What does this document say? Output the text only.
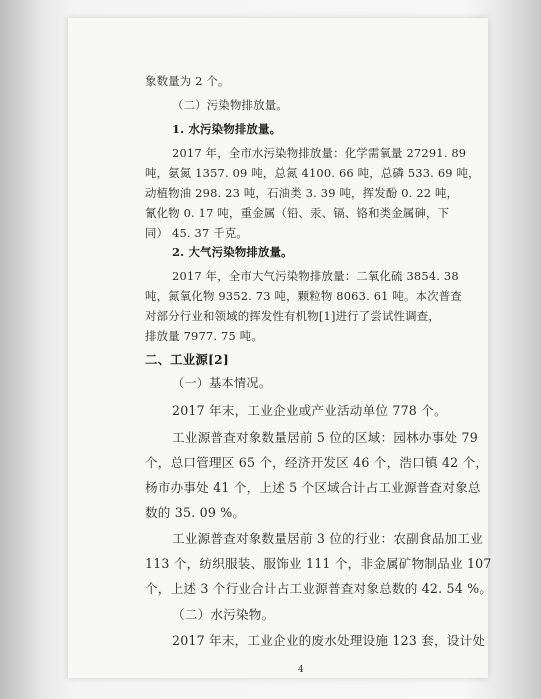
象数量为 2 个。
（二）污染物排放量。
1. 水污染物排放量。
2017 年，全市水污染物排放量：化学需氧量 27291. 89
吨，氨氮 1357. 09 吨，总氮 4100. 66 吨，总磷 533. 69 吨，
动植物油 298. 23 吨，石油类 3. 39 吨，挥发酚 0. 22 吨，
氰化物 0. 17 吨，重金属（铅、汞、镉、铬和类金属砷，下
同） 45. 37 千克。
2. 大气污染物排放量。
2017 年，全市大气污染物排放量：二氧化硫 3854. 38
吨，氮氧化物 9352. 73 吨，颗粒物 8063. 61 吨。本次普查
对部分行业和领域的挥发性有机物[1]进行了尝试性调查，
排放量 7977. 75 吨。
二、工业源[2]
（一）基本情况。
2017 年末，工业企业或产业活动单位 778 个。
工业源普查对象数量居前 5 位的区域：园林办事处 79
个，总口管理区 65 个，经济开发区 46 个，浩口镇 42 个，
杨市办事处 41 个，上述 5 个区域合计占工业源普查对象总
数的 35. 09 %。
工业源普查对象数量居前 3 位的行业：农副食品加工业
113 个，纺织服装、服饰业 111 个，非金属矿物制品业 107
个，上述 3 个行业合计占工业源普查对象总数的 42. 54 %。
（二）水污染物。
2017 年末，工业企业的废水处理设施 123 套，设计处
4
